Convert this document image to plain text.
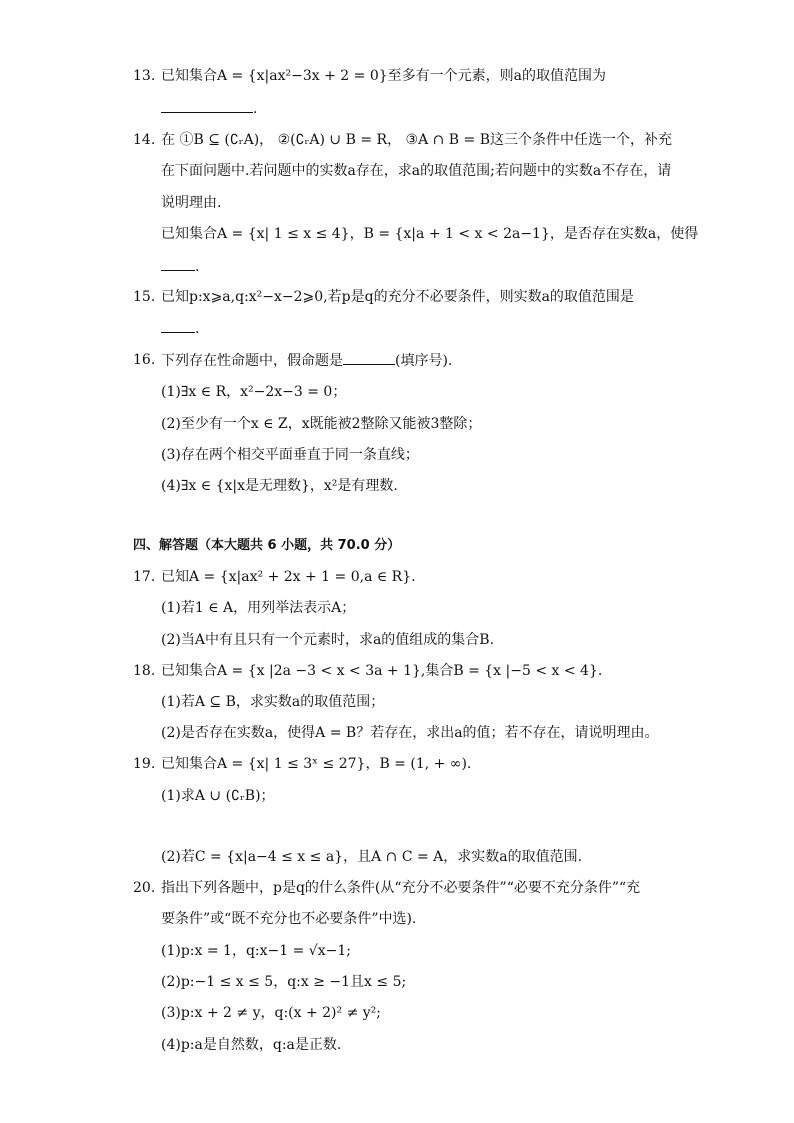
13. 已知集合A = {x|ax²−3x + 2 = 0}至多有一个元素，则a的取值范围为
.
14. 在 ①B ⊆ (∁ᵣA)， ②(∁ᵣA) ∪ B = R， ③A ∩ B = B这三个条件中任选一个，补充
在下面问题中.若问题中的实数a存在，求a的取值范围;若问题中的实数a不存在，请
说明理由.
已知集合A = {x| 1 ≤ x ≤ 4}，B = {x|a + 1 < x < 2a−1}，是否存在实数a，使得
.
15. 已知p:x⩾a,q:x²−x−2⩾0,若p是q的充分不必要条件，则实数a的取值范围是
.
16. 下列存在性命题中，假命题是	(填序号).
(1)∃x ∈ R，x²−2x−3 = 0；
(2)至少有一个x ∈ Z，x既能被2整除又能被3整除；
(3)存在两个相交平面垂直于同一条直线；
(4)∃x ∈ {x|x是无理数}，x²是有理数.
四、解答题（本大题共 6 小题，共 70.0 分）
17. 已知A = {x|ax² + 2x + 1 = 0,a ∈ R}.
(1)若1 ∈ A，用列举法表示A；
(2)当A中有且只有一个元素时，求a的值组成的集合B.
18. 已知集合A = {x |2a −3 < x < 3a + 1},集合B = {x |−5 < x < 4}.
(1)若A ⊆ B，求实数a的取值范围；
(2)是否存在实数a，使得A = B？若存在，求出a的值；若不存在，请说明理由。
19. 已知集合A = {x| 1 ≤ 3ˣ ≤ 27}，B = (1, + ∞).
(1)求A ∪ (∁ᵣB)；
(2)若C = {x|a−4 ≤ x ≤ a}，且A ∩ C = A，求实数a的取值范围.
20. 指出下列各题中，p是q的什么条件(从“充分不必要条件”“必要不充分条件”“充
要条件”或“既不充分也不必要条件”中选).
(1)p:x = 1，q:x−1 = √x−1;
(2)p:−1 ≤ x ≤ 5，q:x ≥ −1且x ≤ 5;
(3)p:x + 2 ≠ y，q:(x + 2)² ≠ y²;
(4)p:a是自然数，q:a是正数.
